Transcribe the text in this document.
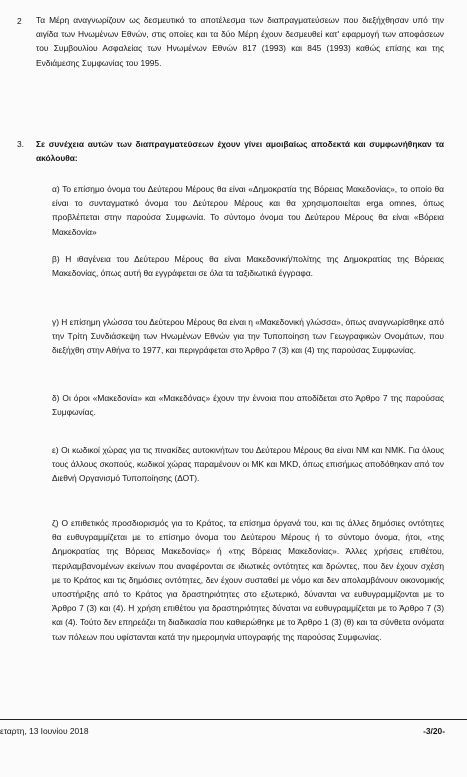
2 Τα Μέρη αναγνωρίζουν ως δεσμευτικό το αποτέλεσμα των διαπραγματεύσεων που διεξήχθησαν υπό την αιγίδα των Ηνωμένων Εθνών, στις οποίες και τα δύο Μέρη έχουν δεσμευθεί κατ' εφαρμογή των αποφάσεων του Συμβουλίου Ασφαλείας των Ηνωμένων Εθνών 817 (1993) και 845 (1993) καθώς επίσης και της Ενδιάμεσης Συμφωνίας του 1995.

3. Σε συνέχεια αυτών των διαπραγματεύσεων έχουν γίνει αμοιβαίως αποδεκτά και συμφωνήθηκαν τα ακόλουθα:

α) Το επίσημο όνομα του Δεύτερου Μέρους θα είναι «Δημοκρατία της Βόρειας Μακεδονίας», το οποίο θα είναι το συνταγματικό όνομα του Δεύτερου Μέρους και θα χρησιμοποιείται erga omnes, όπως προβλέπεται στην παρούσα Συμφωνία. Το σύντομο όνομα του Δεύτερου Μέρους θα είναι «Βόρεια Μακεδονία»

β) Η ιθαγένεια του Δεύτερου Μέρους θα είναι Μακεδονική/πολίτης της Δημοκρατίας της Βόρειας Μακεδονίας, όπως αυτή θα εγγράφεται σε όλα τα ταξιδιωτικά έγγραφα.

γ) Η επίσημη γλώσσα του Δεύτερου Μέρους θα είναι η «Μακεδονική γλώσσα», όπως αναγνωρίσθηκε από την Τρίτη Συνδιάσκεψη των Ηνωμένων Εθνών για την Τυποποίηση των Γεωγραφικών Ονομάτων, που διεξήχθη στην Αθήνα το 1977, και περιγράφεται στο Άρθρο 7 (3) και (4) της παρούσας Συμφωνίας.

δ) Οι όροι «Μακεδονία» και «Μακεδόνας» έχουν την έννοια που αποδίδεται στο Άρθρο 7 της παρούσας Συμφωνίας.

ε) Οι κωδικοί χώρας για τις πινακίδες αυτοκινήτων του Δεύτερου Μέρους θα είναι NM και NMK. Για όλους τους άλλους σκοπούς, κωδικοί χώρας παραμένουν οι MK και MKD, όπως επισήμως αποδόθηκαν από τον Διεθνή Οργανισμό Τυποποίησης (ΔΟΤ).

ζ) Ο επιθετικός προσδιορισμός για το Κράτος, τα επίσημα όργανά του, και τις άλλες δημόσιες οντότητες θα ευθυγραμμίζεται με το επίσημο όνομα του Δεύτερου Μέρους ή το σύντομο όνομα, ήτοι, «της Δημοκρατίας της Βόρειας Μακεδονίας» ή «της Βόρειας Μακεδονίας». Άλλες χρήσεις επιθέτου, περιλαμβανομένων εκείνων που αναφέρονται σε ιδιωτικές οντότητες και δρώντες, που δεν έχουν σχέση με το Κράτος και τις δημόσιες οντότητες, δεν έχουν συσταθεί με νόμο και δεν απολαμβάνουν οικονομικής υποστήριξης από το Κράτος για δραστηριότητες στο εξωτερικό, δύνανται να ευθυγραμμίζονται με το Άρθρο 7 (3) και (4). Η χρήση επιθέτου για δραστηριότητες δύναται να ευθυγραμμίζεται με το Άρθρο 7 (3) και (4). Τούτο δεν επηρεάζει τη διαδικασία που καθιερώθηκε με το Άρθρο 1 (3) (θ) και τα σύνθετα ονόματα των πόλεων που υφίστανται κατά την ημερομηνία υπογραφής της παρούσας Συμφωνίας.

εταρτη, 13 Ιουνίου 2018	-3/20-
